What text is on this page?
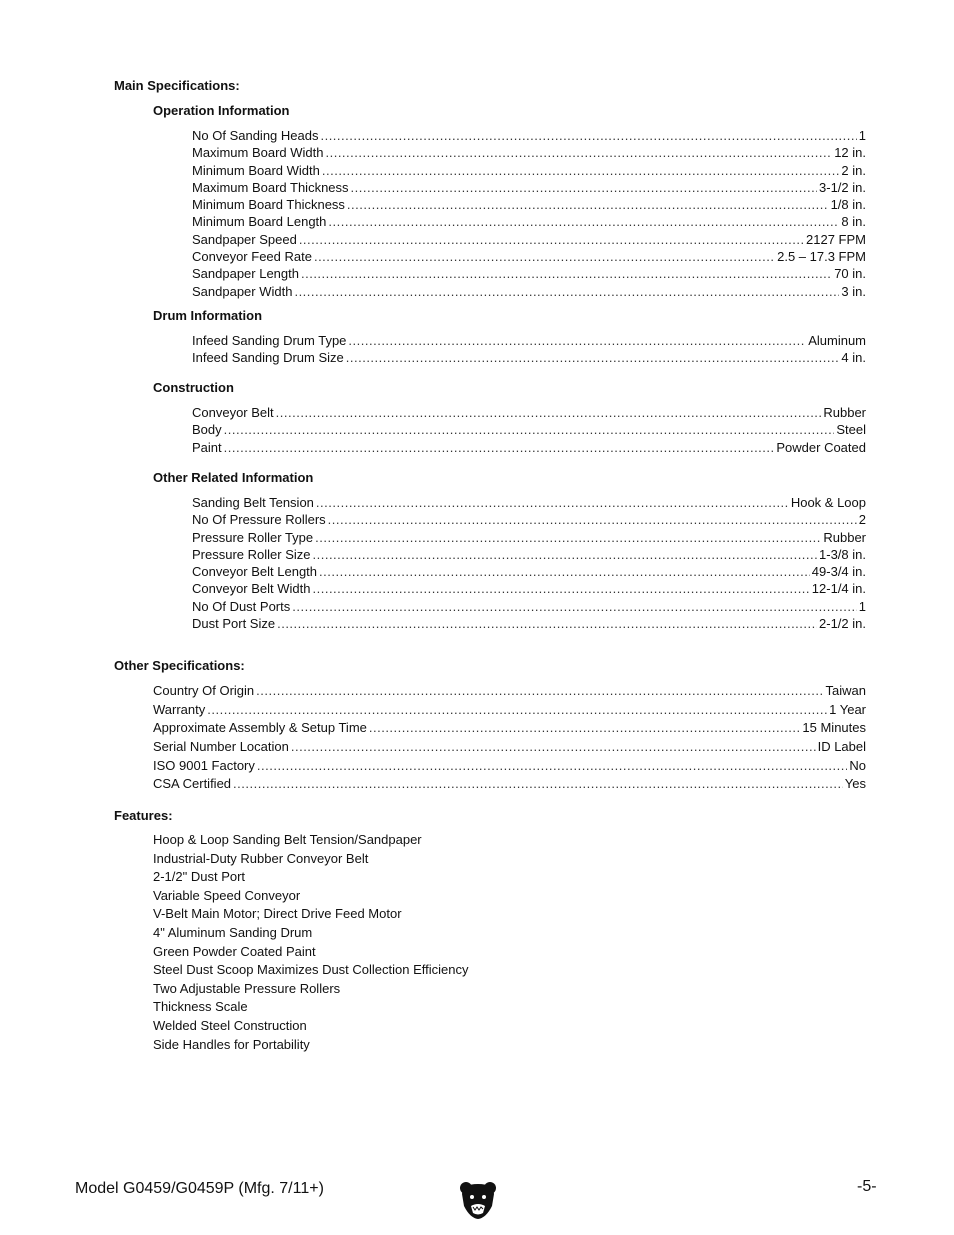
Main Specifications:
Operation Information
No Of Sanding Heads .....	1
Maximum Board Width .....	12 in.
Minimum Board Width .....	2 in.
Maximum Board Thickness .....	3-1/2 in.
Minimum Board Thickness .....	1/8 in.
Minimum Board Length .....	8 in.
Sandpaper Speed .....	2127 FPM
Conveyor Feed Rate .....	2.5 – 17.3 FPM
Sandpaper Length .....	70 in.
Sandpaper Width .....	3 in.
Drum Information
Infeed Sanding Drum Type .....	Aluminum
Infeed Sanding Drum Size .....	4 in.
Construction
Conveyor Belt .....	Rubber
Body .....	Steel
Paint .....	Powder Coated
Other Related Information
Sanding Belt Tension .....	Hook & Loop
No Of Pressure Rollers .....	2
Pressure Roller Type .....	Rubber
Pressure Roller Size .....	1-3/8 in.
Conveyor Belt Length .....	49-3/4 in.
Conveyor Belt Width .....	12-1/4 in.
No Of Dust Ports .....	1
Dust Port Size .....	2-1/2 in.
Other Specifications:
Country Of Origin .....	Taiwan
Warranty .....	1 Year
Approximate Assembly & Setup Time .....	15 Minutes
Serial Number Location .....	ID Label
ISO 9001 Factory .....	No
CSA Certified .....	Yes
Features:
Hoop & Loop Sanding Belt Tension/Sandpaper
Industrial-Duty Rubber Conveyor Belt
2-1/2" Dust Port
Variable Speed Conveyor
V-Belt Main Motor; Direct Drive Feed Motor
4" Aluminum Sanding Drum
Green Powder Coated Paint
Steel Dust Scoop Maximizes Dust Collection Efficiency
Two Adjustable Pressure Rollers
Thickness Scale
Welded Steel Construction
Side Handles for Portability
Model G0459/G0459P (Mfg. 7/11+)	-5-
